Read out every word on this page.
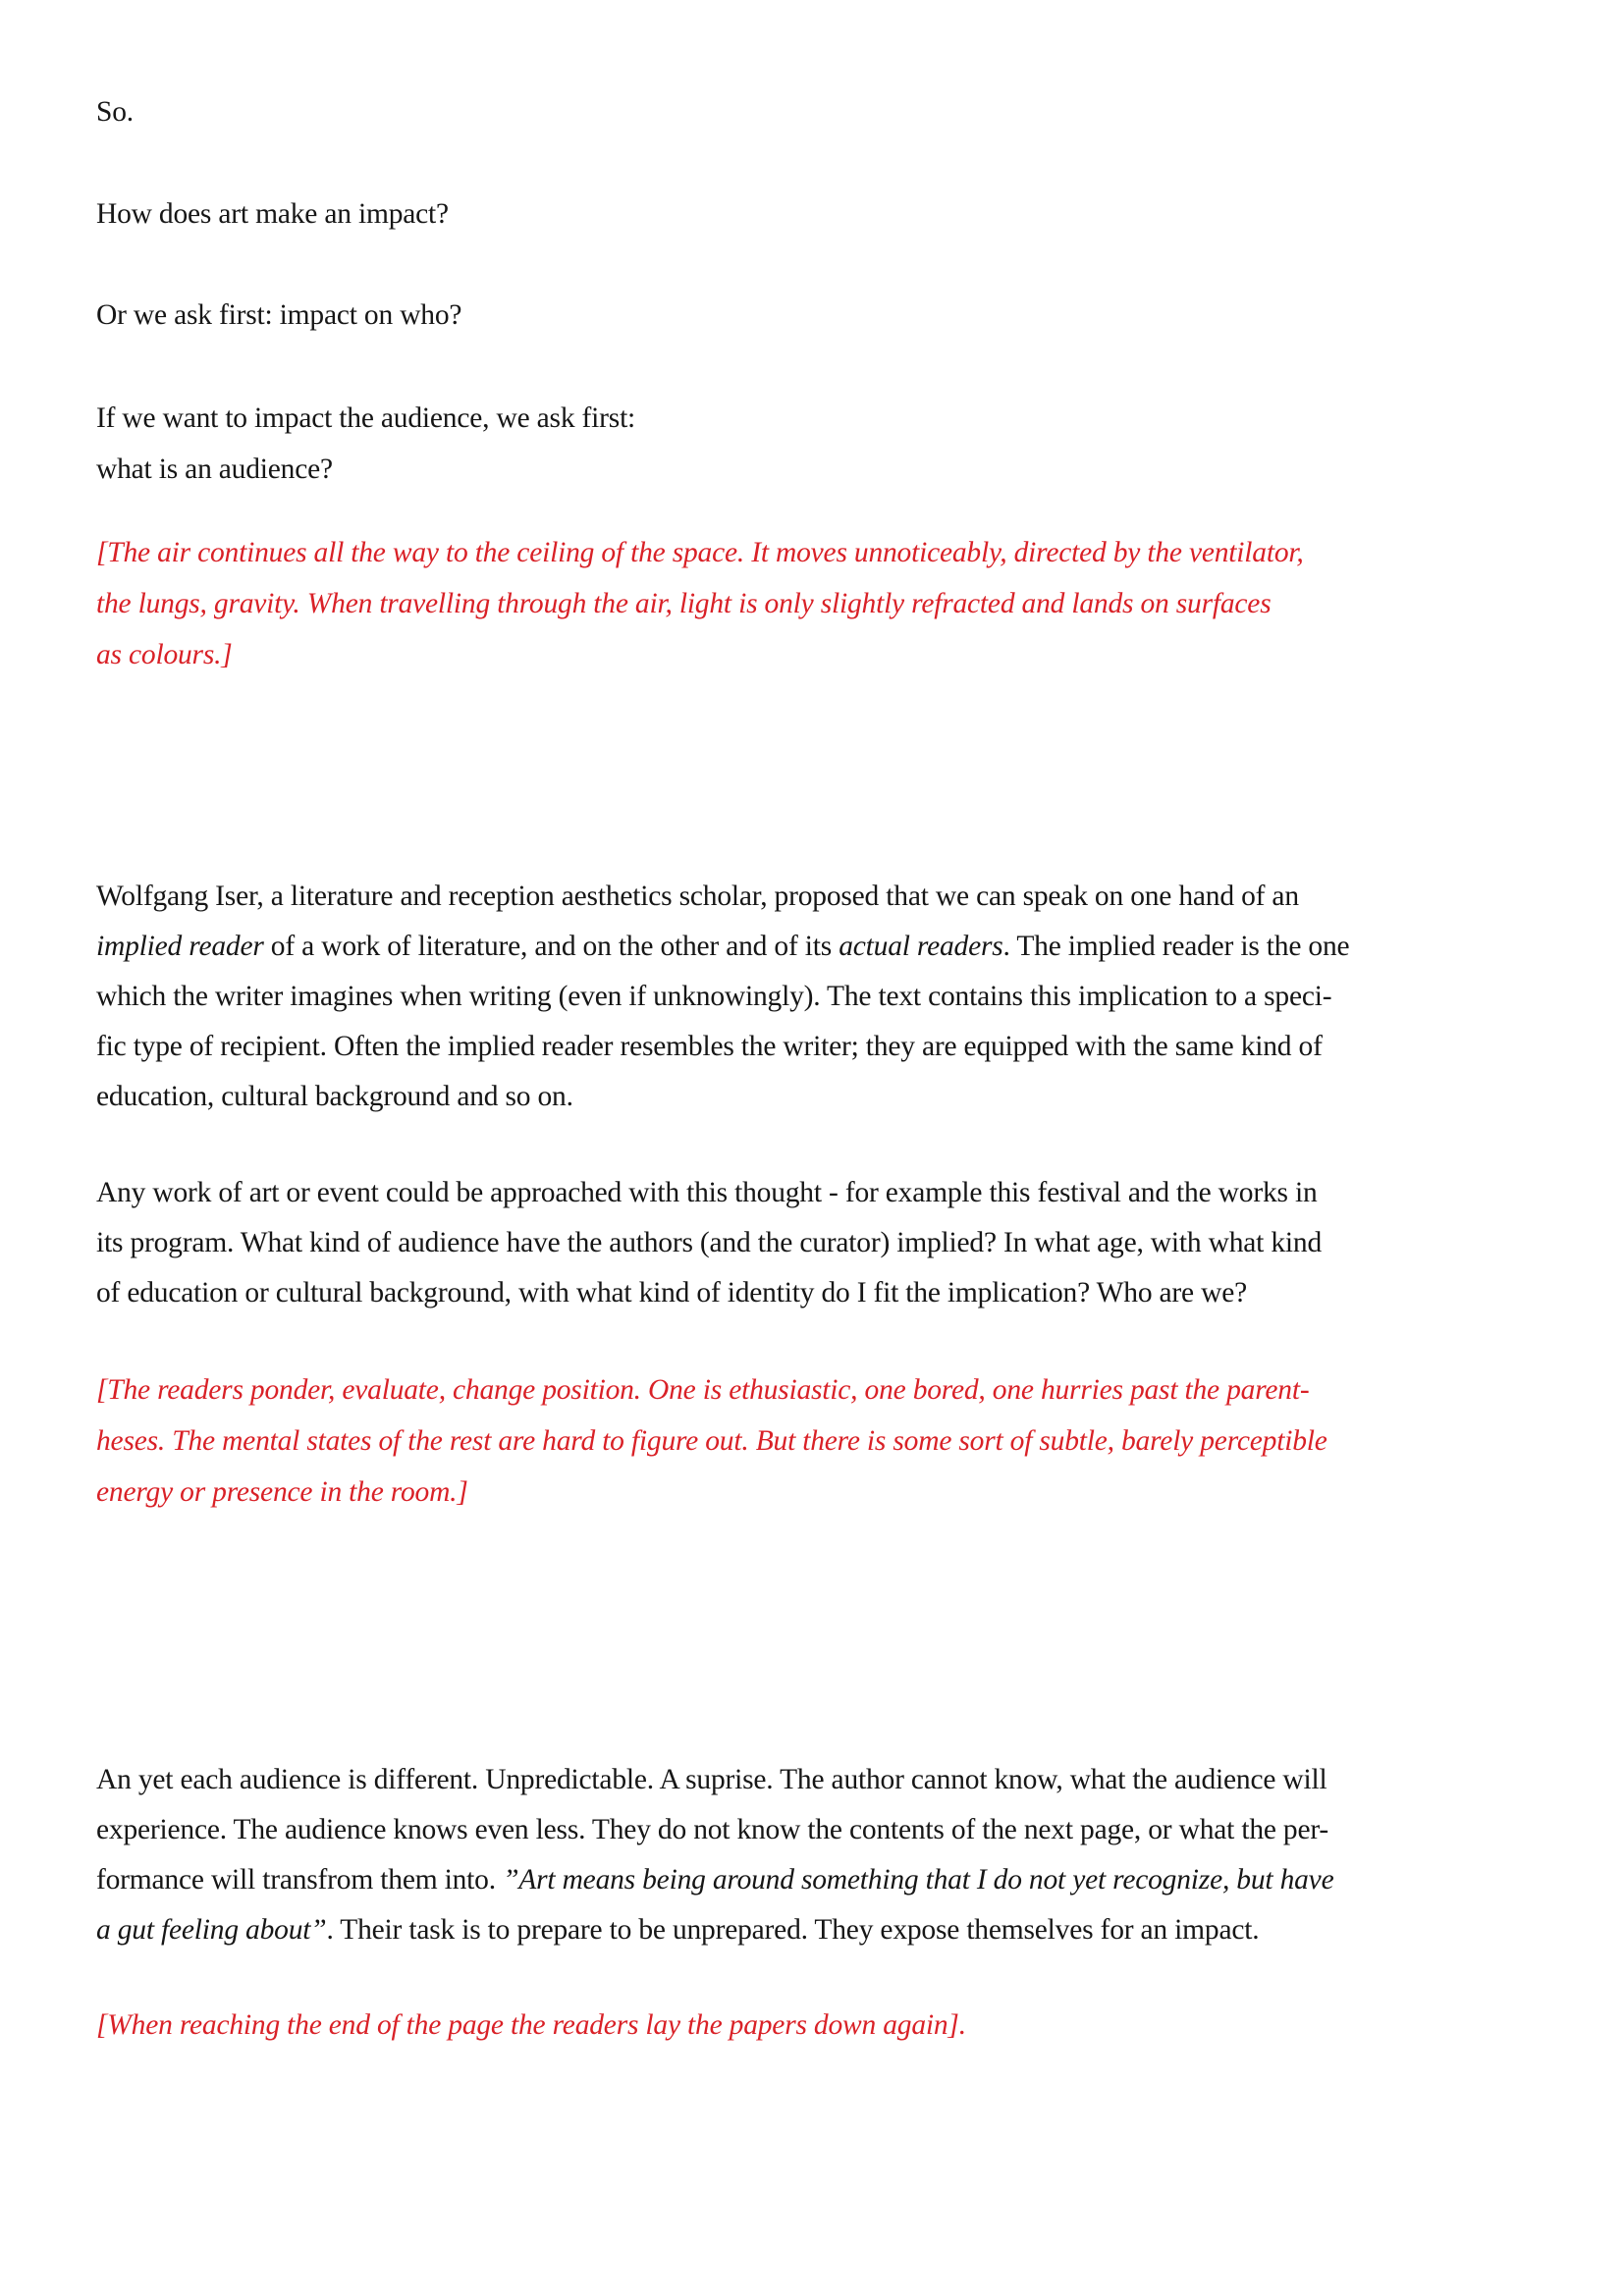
So.
How does art make an impact?
Or we ask first: impact on who?
If we want to impact the audience, we ask first:
what is an audience?
[The air continues all the way to the ceiling of the space. It moves unnoticeably, directed by the ventilator,
the lungs, gravity. When travelling through the air, light is only slightly refracted and lands on surfaces
as colours.]
Wolfgang Iser, a literature and reception aesthetics scholar, proposed that we can speak on one hand of an
implied reader of a work of literature, and on the other and of its actual readers. The implied reader is the one
which the writer imagines when writing (even if unknowingly). The text contains this implication to a speci-
fic type of recipient. Often the implied reader resembles the writer; they are equipped with the same kind of
education, cultural background and so on.
Any work of art or event could be approached with this thought - for example this festival and the works in
its program. What kind of audience have the authors (and the curator) implied? In what age, with what kind
of education or cultural background, with what kind of identity do I fit the implication? Who are we?
[The readers ponder, evaluate, change position. One is ethusiastic, one bored, one hurries past the parent-
heses. The mental states of the rest are hard to figure out. But there is some sort of subtle, barely perceptible
energy or presence in the room.]
An yet each audience is different. Unpredictable. A suprise. The author cannot know, what the audience will
experience. The audience knows even less. They do not know the contents of the next page, or what the per-
formance will transfrom them into. ”Art means being around something that I do not yet recognize, but have
a gut feeling about”. Their task is to prepare to be unprepared. They expose themselves for an impact.
[When reaching the end of the page the readers lay the papers down again].
